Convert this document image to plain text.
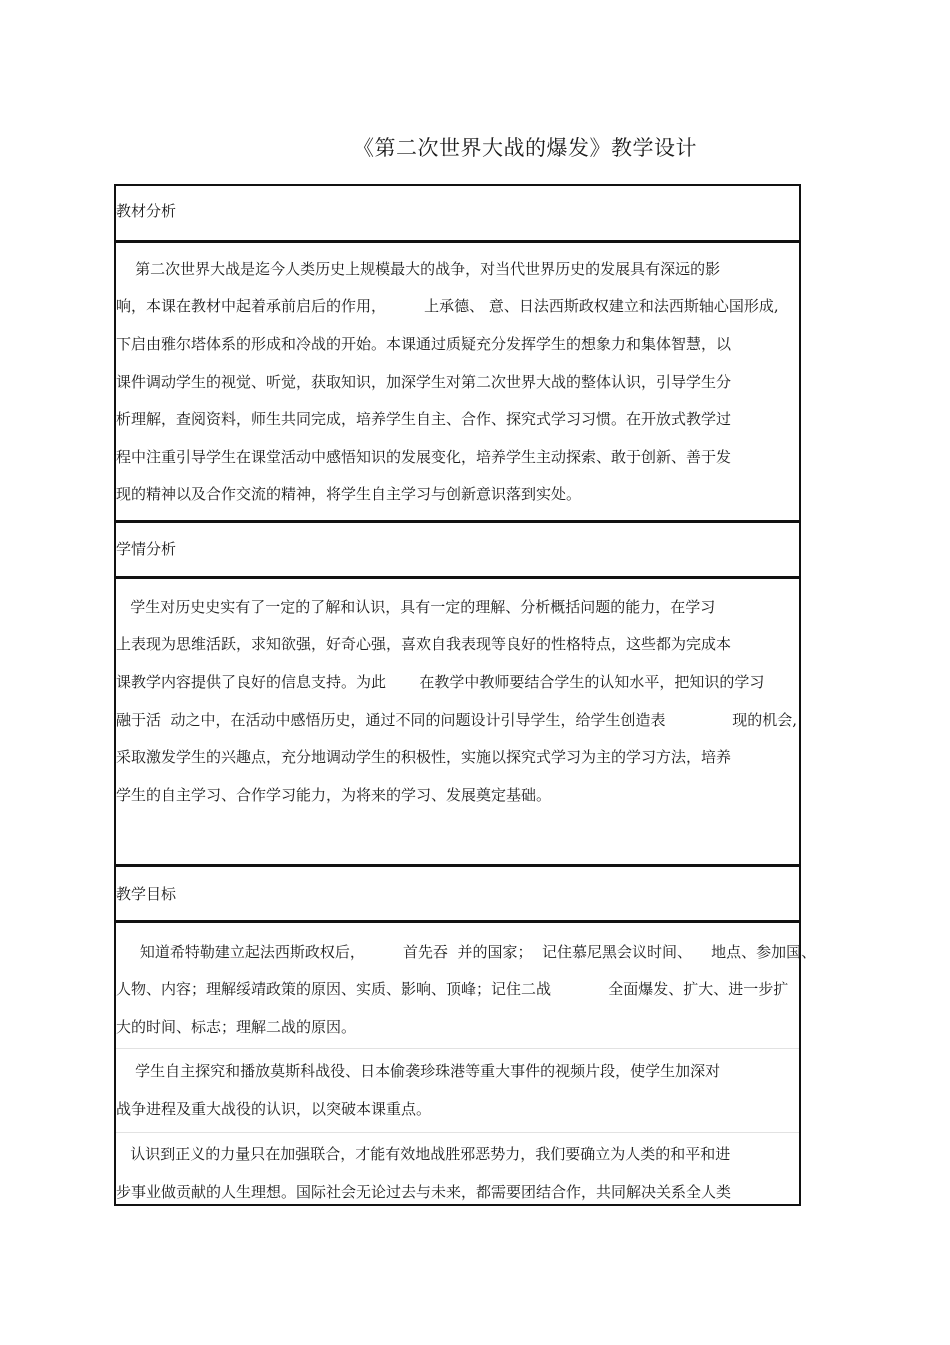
《第二次世界大战的爆发》教学设计
教材分析
第二次世界大战是迄今人类历史上规模最大的战争，对当代世界历史的发展具有深远的影
响，本课在教材中起着承前启后的作用，        上承德、 意、日法西斯政权建立和法西斯轴心国形成,
下启由雅尔塔体系的形成和冷战的开始。本课通过质疑充分发挥学生的想象力和集体智慧，以
课件调动学生的视觉、听觉，获取知识，加深学生对第二次世界大战的整体认识，引导学生分
析理解，查阅资料，师生共同完成，培养学生自主、合作、探究式学习习惯。在开放式教学过
程中注重引导学生在课堂活动中感悟知识的发展变化，培养学生主动探索、敢于创新、善于发
现的精神以及合作交流的精神，将学生自主学习与创新意识落到实处。
学情分析
学生对历史史实有了一定的了解和认识，具有一定的理解、分析概括问题的能力，在学习
上表现为思维活跃，求知欲强，好奇心强，喜欢自我表现等良好的性格特点，这些都为完成本
课教学内容提供了良好的信息支持。为此       在教学中教师要结合学生的认知水平，把知识的学习
融于活  动之中，在活动中感悟历史，通过不同的问题设计引导学生，给学生创造表              现的机会,
采取激发学生的兴趣点，充分地调动学生的积极性，实施以探究式学习为主的学习方法，培养
学生的自主学习、合作学习能力，为将来的学习、发展奠定基础。
教学目标
知道希特勒建立起法西斯政权后，        首先吞  并的国家；  记住慕尼黑会议时间、    地点、参加国、
人物、内容；理解绥靖政策的原因、实质、影响、顶峰；记住二战            全面爆发、扩大、进一步扩
大的时间、标志；理解二战的原因。
学生自主探究和播放莫斯科战役、日本偷袭珍珠港等重大事件的视频片段，使学生加深对
战争进程及重大战役的认识，以突破本课重点。
认识到正义的力量只在加强联合，才能有效地战胜邪恶势力，我们要确立为人类的和平和进
步事业做贡献的人生理想。国际社会无论过去与未来，都需要团结合作，共同解决关系全人类
